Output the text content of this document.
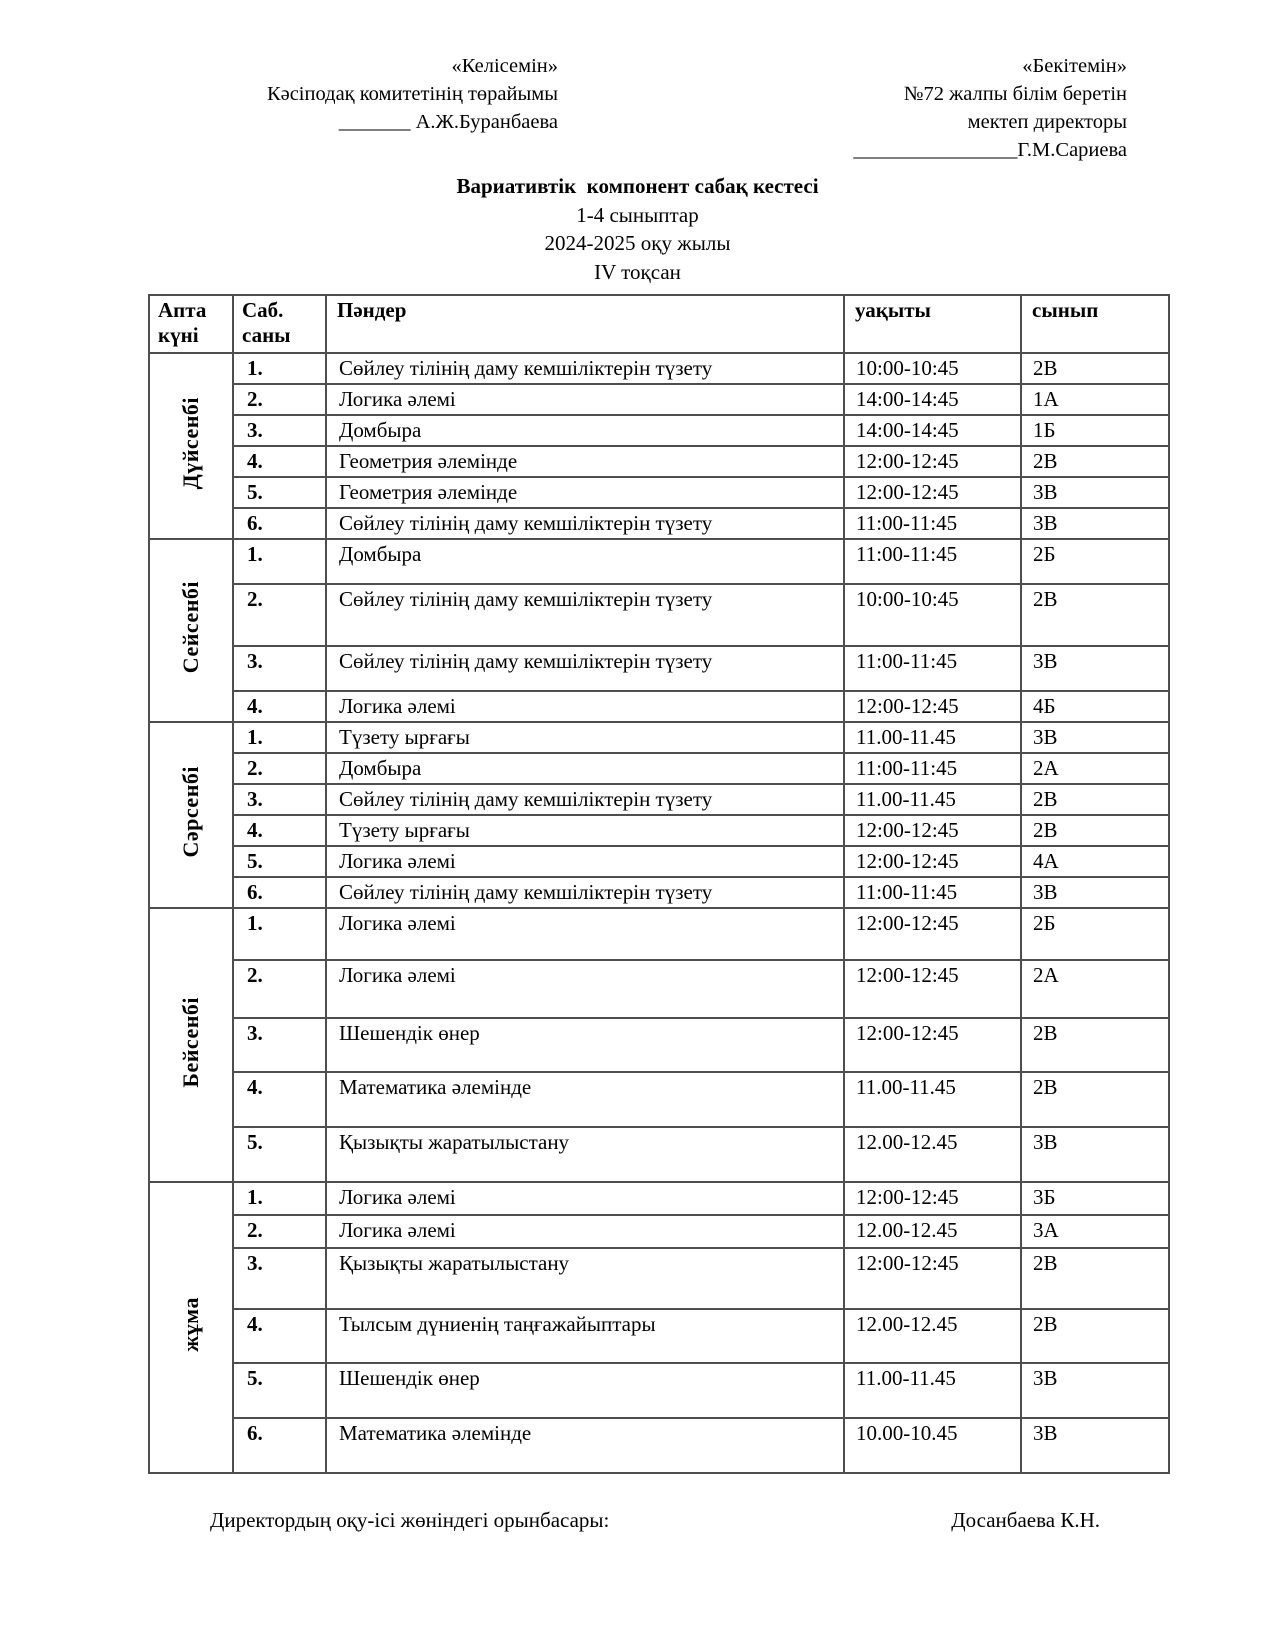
«Келісемін»
Кәсіподақ комитетінің төрайымы
_______ А.Ж.Буранбаева
«Бекітемін»
№72 жалпы білім беретін
мектеп директоры
________________Г.М.Сариева
Вариативтік  компонент сабақ кестесі
1-4 сыныптар
2024-2025 оқу жылы
IV тоқсан
Апта күні	Саб. саны	Пәндер	уақыты	сынып
Дүйсенбі	1.	Сөйлеу тілінің даму кемшіліктерін түзету	10:00-10:45	2В
	2.	Логика әлемі	14:00-14:45	1А
	3.	Домбыра	14:00-14:45	1Б
	4.	Геометрия әлемінде	12:00-12:45	2В
	5.	Геометрия әлемінде	12:00-12:45	3В
	6.	Сөйлеу тілінің даму кемшіліктерін түзету	11:00-11:45	3В
Сейсенбі	1.	Домбыра	11:00-11:45	2Б
	2.	Сөйлеу тілінің даму кемшіліктерін түзету	10:00-10:45	2В
	3.	Сөйлеу тілінің даму кемшіліктерін түзету	11:00-11:45	3В
	4.	Логика әлемі	12:00-12:45	4Б
Сәрсенбі	1.	Түзету ырғағы	11.00-11.45	3В
	2.	Домбыра	11:00-11:45	2А
	3.	Сөйлеу тілінің даму кемшіліктерін түзету	11.00-11.45	2В
	4.	Түзету ырғағы	12:00-12:45	2В
	5.	Логика әлемі	12:00-12:45	4А
	6.	Сөйлеу тілінің даму кемшіліктерін түзету	11:00-11:45	3В
Бейсенбі	1.	Логика әлемі	12:00-12:45	2Б
	2.	Логика әлемі	12:00-12:45	2А
	3.	Шешендік өнер	12:00-12:45	2В
	4.	Математика әлемінде	11.00-11.45	2В
	5.	Қызықты жаратылыстану	12.00-12.45	3В
жұма	1.	Логика әлемі	12:00-12:45	3Б
	2.	Логика әлемі	12.00-12.45	3А
	3.	Қызықты жаратылыстану	12:00-12:45	2В
	4.	Тылсым дүниенің таңғажайыптары	12.00-12.45	2В
	5.	Шешендік өнер	11.00-11.45	3В
	6.	Математика әлемінде	10.00-10.45	3В
Директордың оқу-ісі жөніндегі орынбасары:	Досанбаева К.Н.
